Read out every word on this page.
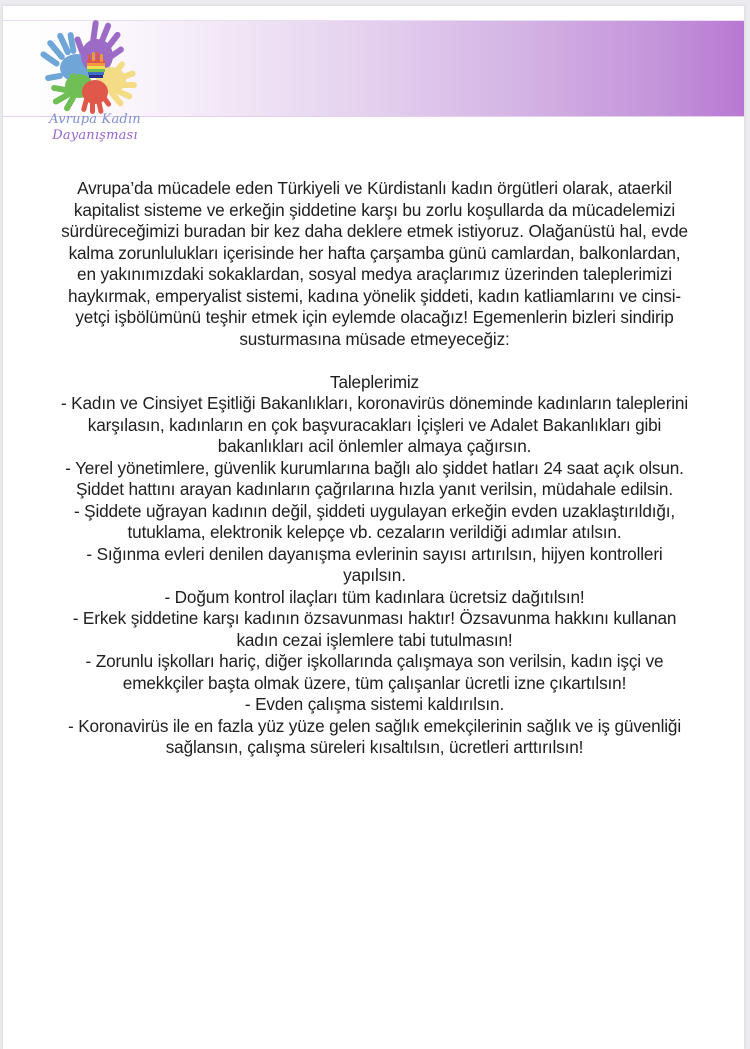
Avrupa Kadın
Dayanışması

Avrupa’da mücadele eden Türkiyeli ve Kürdistanlı kadın örgütleri olarak, ataerkil
kapitalist sisteme ve erkeğin şiddetine karşı bu zorlu koşullarda da mücadelemizi
sürdüreceğimizi buradan bir kez daha deklere etmek istiyoruz. Olağanüstü hal, evde
kalma zorunlulukları içerisinde her hafta çarşamba günü camlardan, balkonlardan,
en yakınımızdaki sokaklardan, sosyal medya araçlarımız üzerinden taleplerimizi
haykırmak, emperyalist sistemi, kadına yönelik şiddeti, kadın katliamlarını ve cinsi-
yetçi işbölümünü teşhir etmek için eylemde olacağız! Egemenlerin bizleri sindirip
susturmasına müsade etmeyeceğiz:

Taleplerimiz

- Kadın ve Cinsiyet Eşitliği Bakanlıkları, koronavirüs döneminde kadınların taleplerini
karşılasın, kadınların en çok başvuracakları İçişleri ve Adalet Bakanlıkları gibi
bakanlıkları acil önlemler almaya çağırsın.

- Yerel yönetimlere, güvenlik kurumlarına bağlı alo şiddet hatları 24 saat açık olsun.
Şiddet hattını arayan kadınların çağrılarına hızla yanıt verilsin, müdahale edilsin.

- Şiddete uğrayan kadının değil, şiddeti uygulayan erkeğin evden uzaklaştırıldığı,
tutuklama, elektronik kelepçe vb. cezaların verildiği adımlar atılsın.

- Sığınma evleri denilen dayanışma evlerinin sayısı artırılsın, hijyen kontrolleri
yapılsın.

- Doğum kontrol ilaçları tüm kadınlara ücretsiz dağıtılsın!

- Erkek şiddetine karşı kadının özsavunması haktır! Özsavunma hakkını kullanan
kadın cezai işlemlere tabi tutulmasın!

- Zorunlu işkolları hariç, diğer işkollarında çalışmaya son verilsin, kadın işçi ve
emekkçiler başta olmak üzere, tüm çalışanlar ücretli izne çıkartılsın!

- Evden çalışma sistemi kaldırılsın.

- Koronavirüs ile en fazla yüz yüze gelen sağlık emekçilerinin sağlık ve iş güvenliği
sağlansın, çalışma süreleri kısaltılsın, ücretleri arttırılsın!
